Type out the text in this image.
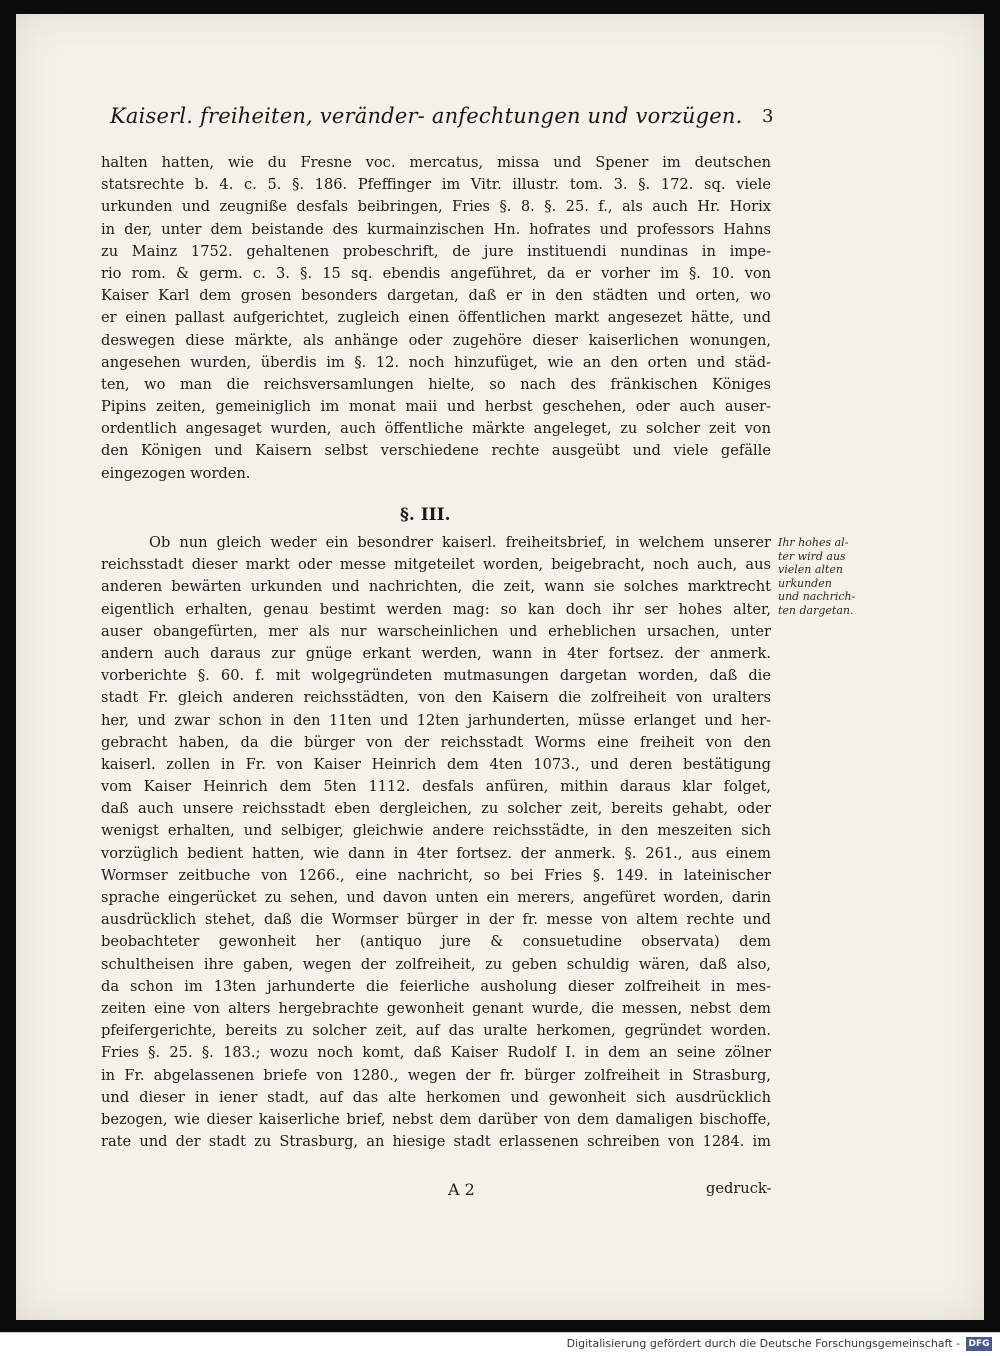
Kaiserl. freiheiten, veränder- anfechtungen und vorzügen.	3
halten hatten, wie du Fresne voc. mercatus, missa und Spener im deutschen
statsrechte b. 4. c. 5. §. 186. Pfeffinger im Vitr. illustr. tom. 3. §. 172. sq. viele
urkunden und zeugniße desfals beibringen, Fries §. 8. §. 25. f., als auch Hr. Horix
in der, unter dem beistande des kurmainzischen Hn. hofrates und professors Hahns
zu Mainz 1752. gehaltenen probeschrift, de jure instituendi nundinas in impe-
rio rom. & germ. c. 3. §. 15 sq. ebendis angeführet, da er vorher im §. 10. von
Kaiser Karl dem grosen besonders dargetan, daß er in den städten und orten, wo
er einen pallast aufgerichtet, zugleich einen öffentlichen markt angesezet hätte, und
deswegen diese märkte, als anhänge oder zugehöre dieser kaiserlichen wonungen,
angesehen wurden, überdis im §. 12. noch hinzufüget, wie an den orten und städ-
ten, wo man die reichsversamlungen hielte, so nach des fränkischen Königes
Pipins zeiten, gemeiniglich im monat maii und herbst geschehen, oder auch auser-
ordentlich angesaget wurden, auch öffentliche märkte angeleget, zu solcher zeit von
den Königen und Kaisern selbst verschiedene rechte ausgeübt und viele gefälle
eingezogen worden.
§. III.
Ob nun gleich weder ein besondrer kaiserl. freiheitsbrief, in welchem unserer
reichsstadt dieser markt oder messe mitgeteilet worden, beigebracht, noch auch, aus
anderen bewärten urkunden und nachrichten, die zeit, wann sie solches marktrecht
eigentlich erhalten, genau bestimt werden mag: so kan doch ihr ser hohes alter,
auser obangefürten, mer als nur warscheinlichen und erheblichen ursachen, unter
andern auch daraus zur gnüge erkant werden, wann in 4ter fortsez. der anmerk.
vorberichte §. 60. f. mit wolgegründeten mutmasungen dargetan worden, daß die
stadt Fr. gleich anderen reichsstädten, von den Kaisern die zolfreiheit von uralters
her, und zwar schon in den 11ten und 12ten jarhunderten, müsse erlanget und her-
gebracht haben, da die bürger von der reichsstadt Worms eine freiheit von den
kaiserl. zollen in Fr. von Kaiser Heinrich dem 4ten 1073., und deren bestätigung
vom Kaiser Heinrich dem 5ten 1112. desfals anfüren, mithin daraus klar folget,
daß auch unsere reichsstadt eben dergleichen, zu solcher zeit, bereits gehabt, oder
wenigst erhalten, und selbiger, gleichwie andere reichsstädte, in den meszeiten sich
vorzüglich bedient hatten, wie dann in 4ter fortsez. der anmerk. §. 261., aus einem
Wormser zeitbuche von 1266., eine nachricht, so bei Fries §. 149. in lateinischer
sprache eingerücket zu sehen, und davon unten ein merers, angefüret worden, darin
ausdrücklich stehet, daß die Wormser bürger in der fr. messe von altem rechte und
beobachteter gewonheit her (antiquo jure & consuetudine observata) dem
schultheisen ihre gaben, wegen der zolfreiheit, zu geben schuldig wären, daß also,
da schon im 13ten jarhunderte die feierliche ausholung dieser zolfreiheit in mes-
zeiten eine von alters hergebrachte gewonheit genant wurde, die messen, nebst dem
pfeifergerichte, bereits zu solcher zeit, auf das uralte herkomen, gegründet worden.
Fries §. 25. §. 183.; wozu noch komt, daß Kaiser Rudolf I. in dem an seine zölner
in Fr. abgelassenen briefe von 1280., wegen der fr. bürger zolfreiheit in Strasburg,
und dieser in iener stadt, auf das alte herkomen und gewonheit sich ausdrücklich
bezogen, wie dieser kaiserliche brief, nebst dem darüber von dem damaligen bischoffe,
rate und der stadt zu Strasburg, an hiesige stadt erlassenen schreiben von 1284. im
Ihr hohes al-
ter wird aus
vielen alten
urkunden
und nachrich-
ten dargetan.
A 2	gedruck-
Digitalisierung gefördert durch die Deutsche Forschungsgemeinschaft - DFG
